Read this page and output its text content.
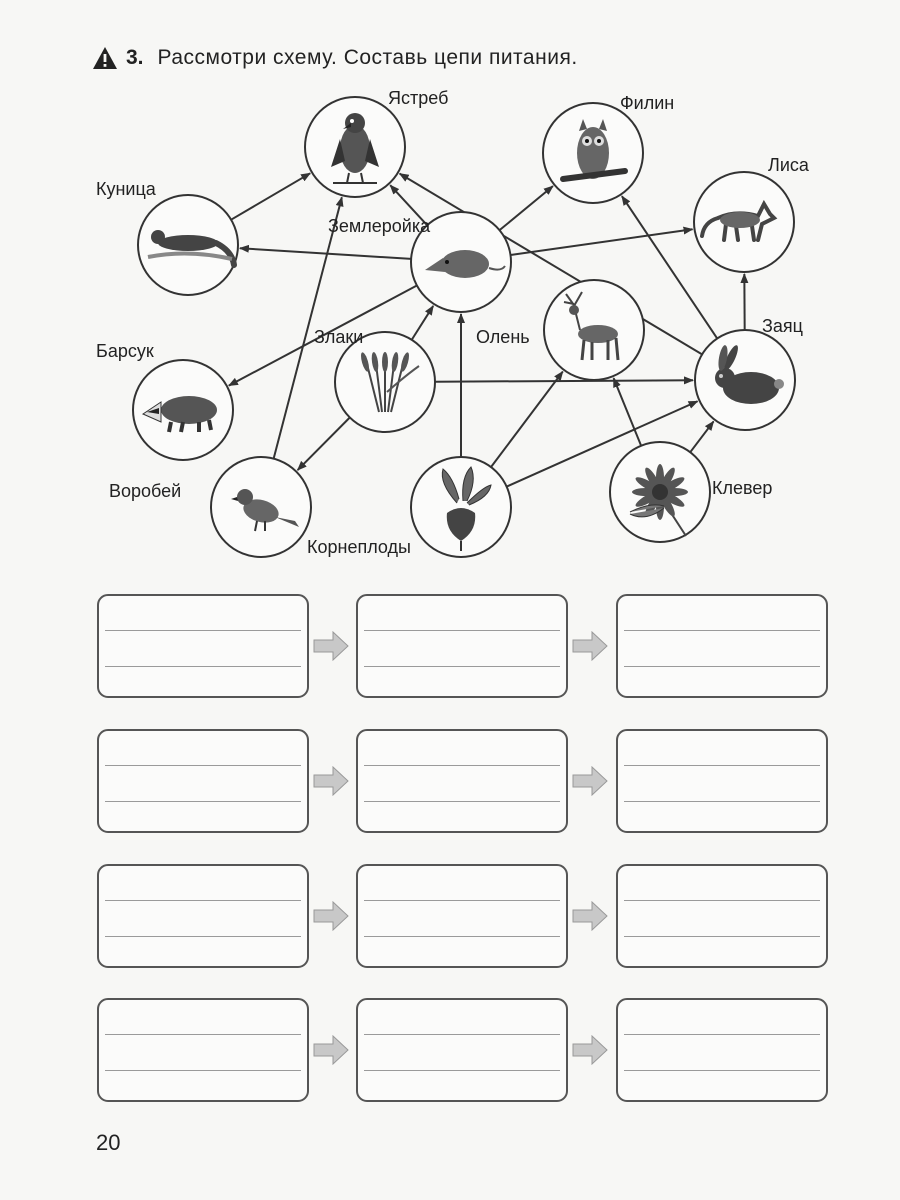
3. Рассмотри схему. Составь цепи питания.
Ястреб	Филин
Лиса
Куница
Землеройка
Барсук
Злаки	Олень
Заяц
Воробей
Корнеплоды
Клевер
20
